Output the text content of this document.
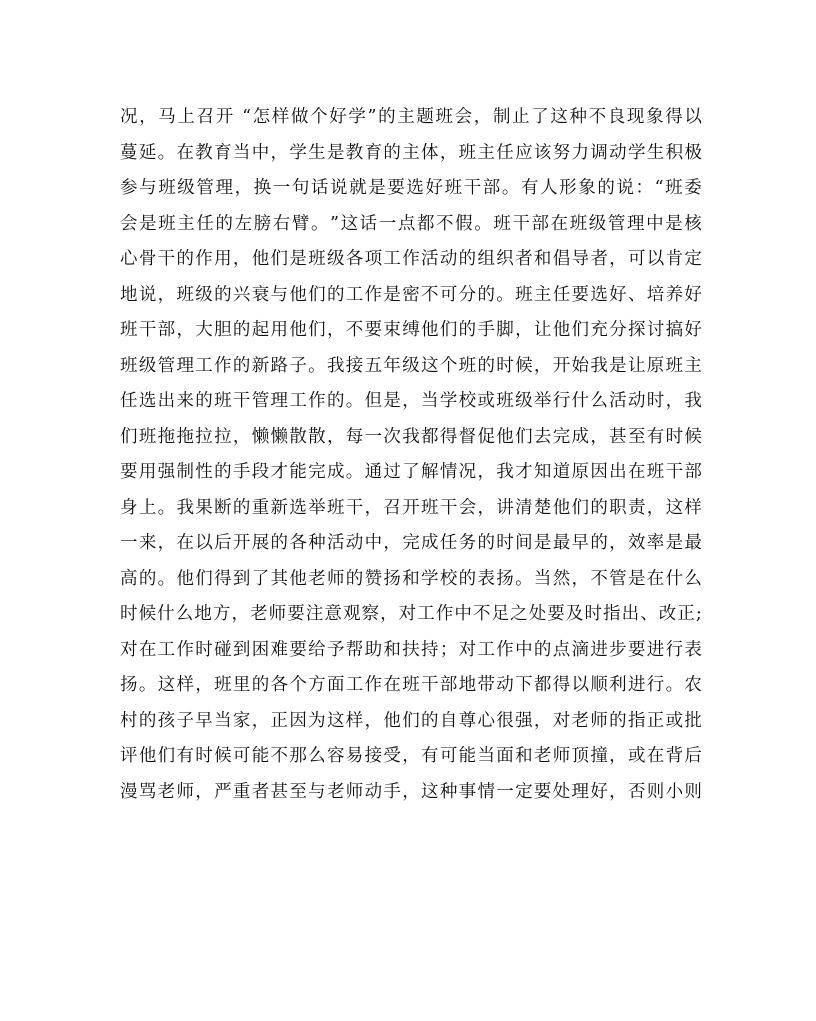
况 ， 马 上 召 开
“ 怎 样 做 个 好 学 ” 的 主 题 班 会 ， 制 止 了 这 种 不 良 现 象 得 以
蔓 延 。 在 教 育 当 中 ， 学 生 是 教 育 的 主 体 ， 班 主 任 应 该 努 力 调 动 学 生 积 极
参 与 班 级 管 理 ， 换 一 句 话 说 就 是 要 选 好 班 干 部 。 有 人 形 象 的 说 ： “ 班 委
会 是 班 主 任 的 左 膀 右 臂 。 ” 这 话 一 点 都 不 假 。 班 干 部 在 班 级 管 理 中 是 核
心 骨 干 的 作 用 ， 他 们 是 班 级 各 项 工 作 活 动 的 组 织 者 和 倡 导 者 ， 可 以 肯 定
地 说 ， 班 级 的 兴 衰 与 他 们 的 工 作 是 密 不 可 分 的 。 班 主 任 要 选 好 、 培 养 好
班 干 部 ， 大 胆 的 起 用 他 们 ， 不 要 束 缚 他 们 的 手 脚 ， 让 他 们 充 分 探 讨 搞 好
班 级 管 理 工 作 的 新 路 子 。 我 接 五 年 级 这 个 班 的 时 候 ， 开 始 我 是 让 原 班 主
任 选 出 来 的 班 干 管 理 工 作 的 。 但 是 ， 当 学 校 或 班 级 举 行 什 么 活 动 时 ， 我
们 班 拖 拖 拉 拉 ， 懒 懒 散 散 ， 每 一 次 我 都 得 督 促 他 们 去 完 成 ， 甚 至 有 时 候
要 用 强 制 性 的 手 段 才 能 完 成 。 通 过 了 解 情 况 ， 我 才 知 道 原 因 出 在 班 干 部
身 上 。 我 果 断 的 重 新 选 举 班 干 ， 召 开 班 干 会 ， 讲 清 楚 他 们 的 职 责 ， 这 样
一 来 ， 在 以 后 开 展 的 各 种 活 动 中 ， 完 成 任 务 的 时 间 是 最 早 的 ， 效 率 是 最
高 的 。 他 们 得 到 了 其 他 老 师 的 赞 扬 和 学 校 的 表 扬 。 当 然 ， 不 管 是 在 什 么
时 候 什 么 地 方 ， 老 师 要 注 意 观 察 ， 对 工 作 中 不 足 之 处 要 及 时 指 出 、 改 正 ;
对 在 工 作 时 碰 到 困 难 要 给 予 帮 助 和 扶 持 ； 对 工 作 中 的 点 滴 进 步 要 进 行 表
扬 。 这 样 ， 班 里 的 各 个 方 面 工 作 在 班 干 部 地 带 动 下 都 得 以 顺 利 进 行 。 农
村 的 孩 子 早 当 家 ， 正 因 为 这 样 ， 他 们 的 自 尊 心 很 强 ， 对 老 师 的 指 正 或 批
评 他 们 有 时 候 可 能 不 那 么 容 易 接 受 ， 有 可 能 当 面 和 老 师 顶 撞 ， 或 在 背 后
漫 骂 老 师 ， 严 重 者 甚 至 与 老 师 动 手 ， 这 种 事 情 一 定 要 处 理 好 ， 否 则 小 则
